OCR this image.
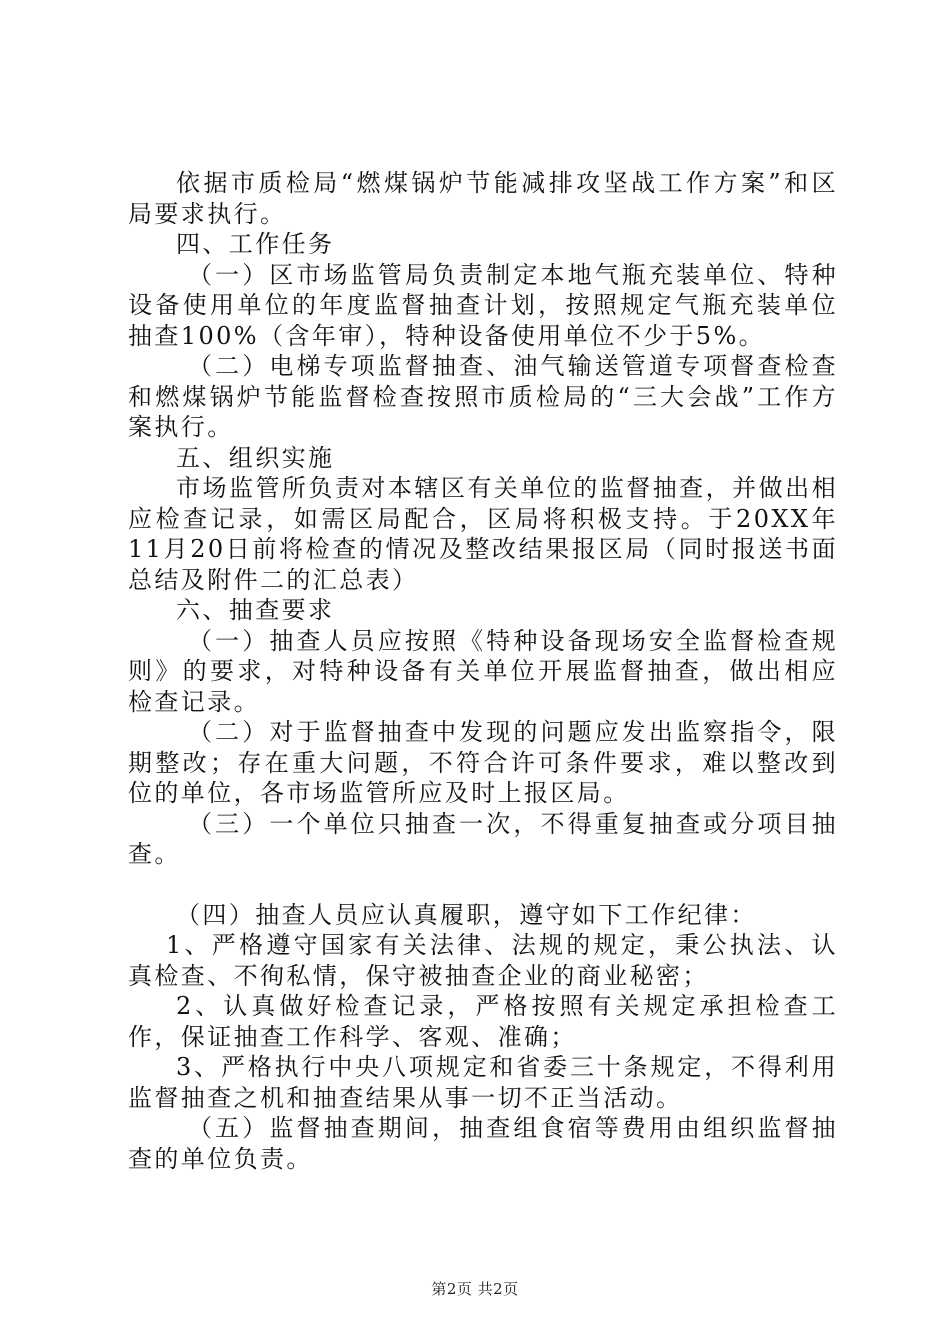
依据市质检局“燃煤锅炉节能减排攻坚战工作方案”和区局要求执行。

四、工作任务

（一）区市场监管局负责制定本地气瓶充装单位、特种设备使用单位的年度监督抽查计划，按照规定气瓶充装单位抽查100%（含年审），特种设备使用单位不少于5%。

（二）电梯专项监督抽查、油气输送管道专项督查检查和燃煤锅炉节能监督检查按照市质检局的“三大会战”工作方案执行。

五、组织实施

市场监管所负责对本辖区有关单位的监督抽查，并做出相应检查记录，如需区局配合，区局将积极支持。于20XX年11月20日前将检查的情况及整改结果报区局（同时报送书面总结及附件二的汇总表）

六、抽查要求

（一）抽查人员应按照《特种设备现场安全监督检查规则》的要求，对特种设备有关单位开展监督抽查，做出相应检查记录。

（二）对于监督抽查中发现的问题应发出监察指令，限期整改；存在重大问题，不符合许可条件要求，难以整改到位的单位，各市场监管所应及时上报区局。

（三）一个单位只抽查一次，不得重复抽查或分项目抽查。

（四）抽查人员应认真履职，遵守如下工作纪律：

1、严格遵守国家有关法律、法规的规定，秉公执法、认真检查、不徇私情，保守被抽查企业的商业秘密；

2、认真做好检查记录，严格按照有关规定承担检查工作，保证抽查工作科学、客观、准确；

3、严格执行中央八项规定和省委三十条规定，不得利用监督抽查之机和抽查结果从事一切不正当活动。

（五）监督抽查期间，抽查组食宿等费用由组织监督抽查的单位负责。

第2页 共2页
